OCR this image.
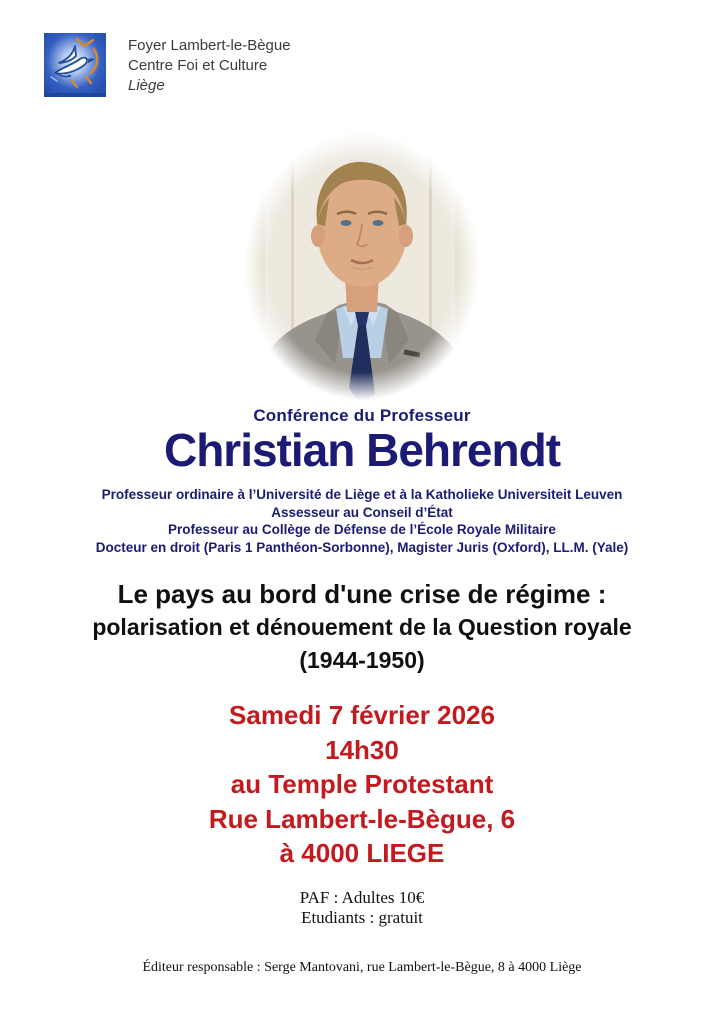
Foyer Lambert-le-Bègue
Centre Foi et Culture
Liège
Conférence du Professeur
Christian Behrendt
Professeur ordinaire à l’Université de Liège et à la Katholieke Universiteit Leuven
Assesseur au Conseil d’État
Professeur au Collège de Défense de l’École Royale Militaire
Docteur en droit (Paris 1 Panthéon-Sorbonne), Magister Juris (Oxford), LL.M. (Yale)
Le pays au bord d'une crise de régime :
polarisation et dénouement de la Question royale
(1944-1950)
Samedi 7 février 2026
14h30
au Temple Protestant
Rue Lambert-le-Bègue, 6
à 4000 LIEGE
PAF : Adultes 10€
Etudiants : gratuit
Éditeur responsable : Serge Mantovani, rue Lambert-le-Bègue, 8 à 4000 Liège
